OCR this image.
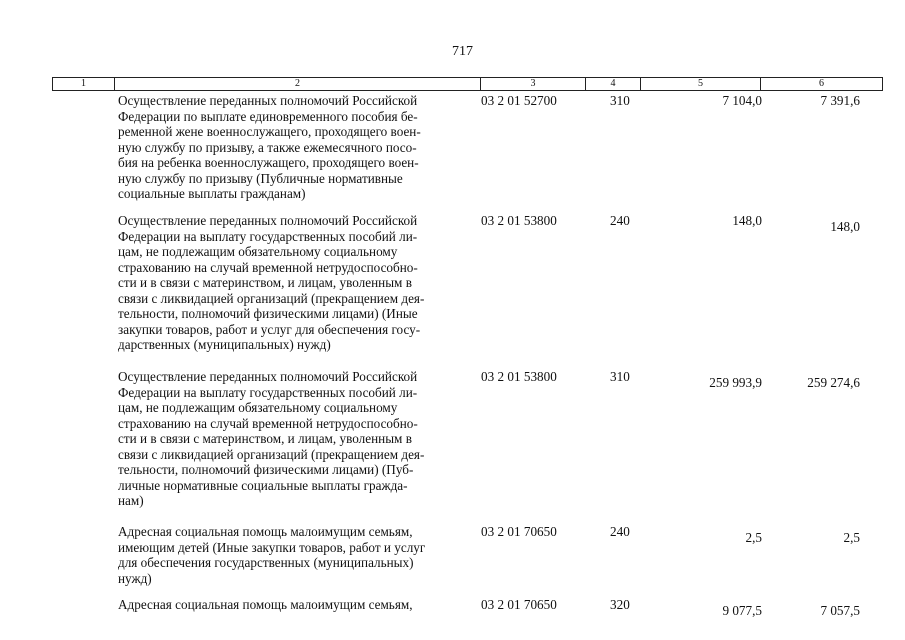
717
1	2	3	4	5	6
Осуществление переданных полномочий Российской
Федерации по выплате единовременного пособия бе-
ременной жене военнослужащего, проходящего воен-
ную службу по призыву, а также ежемесячного посо-
бия на ребенка военнослужащего, проходящего воен-
ную службу по призыву (Публичные нормативные
социальные выплаты гражданам)
03 2 01 52700	310	7 104,0	7 391,6
Осуществление переданных полномочий Российской
Федерации на выплату государственных пособий ли-
цам, не подлежащим обязательному социальному
страхованию на случай временной нетрудоспособно-
сти и в связи с материнством, и лицам, уволенным в
связи с ликвидацией организаций (прекращением дея-
тельности, полномочий физическими лицами) (Иные
закупки товаров, работ и услуг для обеспечения госу-
дарственных (муниципальных) нужд)
03 2 01 53800	240	148,0	148,0
Осуществление переданных полномочий Российской
Федерации на выплату государственных пособий ли-
цам, не подлежащим обязательному социальному
страхованию на случай временной нетрудоспособно-
сти и в связи с материнством, и лицам, уволенным в
связи с ликвидацией организаций (прекращением дея-
тельности, полномочий физическими лицами) (Пуб-
личные нормативные социальные выплаты гражда-
нам)
03 2 01 53800	310	259 993,9	259 274,6
Адресная социальная помощь малоимущим семьям,
имеющим детей (Иные закупки товаров, работ и услуг
для обеспечения государственных (муниципальных)
нужд)
03 2 01 70650	240	2,5	2,5
Адресная социальная помощь малоимущим семьям,	03 2 01 70650	320	9 077,5	7 057,5
